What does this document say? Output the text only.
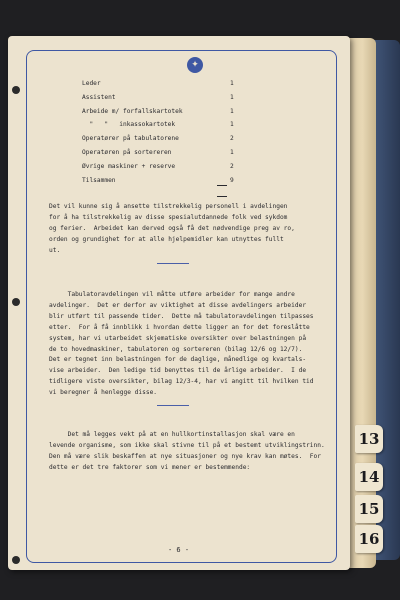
✦
Leder	1
Assistent	1
Arbeide m/ forfallskartotek	1
"   "   inkassokartotek	1
Operatører på tabulatorene	2
Operatøren på sortereren	1
Øvrige maskiner + reserve	2
Tilsammen	9
Det vil kunne sig å ansette tilstrekkelig personell i avdelingen
for å ha tilstrekkelig av disse spesialutdannede folk ved sykdom
og ferier.  Arbeidet kan derved også få det nødvendige preg av ro,
orden og grundighet for at alle hjelpemidler kan utnyttes fullt
ut.
Tabulatoravdelingen vil måtte utføre arbeider for mange andre
avdelinger.  Det er derfor av viktighet at disse avdelingers arbeider
blir utført til passende tider.  Dette må tabulatoravdelingen tilpasses
etter.  For å få innblikk i hvordan dette ligger an for det foreslåtte
system, har vi utarbeidet skjematiske oversikter over belastningen på
de to hovedmaskiner, tabulatoren og sortereren (bilag 12/6 og 12/7).
Det er tegnet inn belastningen for de daglige, månedlige og kvartals-
vise arbeider.  Den ledige tid benyttes til de årlige arbeider.  I de
tidligere viste oversikter, bilag 12/3-4, har vi angitt til hvilken tid
vi beregner å henlegge disse.
Det må legges vekt på at en hullkortinstallasjon skal være en
levende organisme, som ikke skal stivne til på et bestemt utviklingstrinn.
Den må være slik beskaffen at nye situasjoner og nye krav kan møtes.  For
dette er det tre faktorer som vi mener er bestemmende:
- 6 -
13
14
15
16
